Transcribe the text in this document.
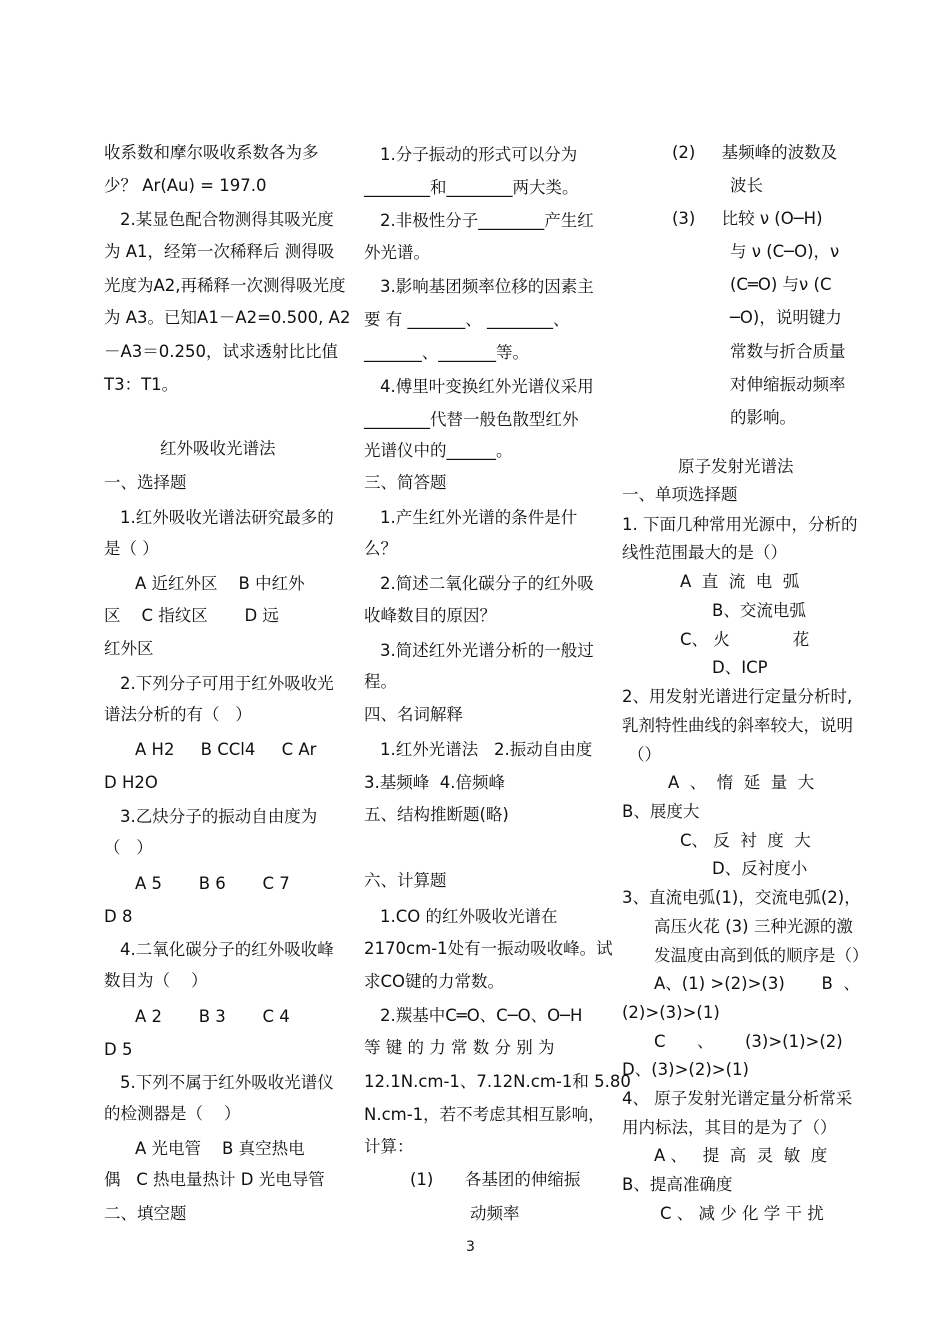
收系数和摩尔吸收系数各为多
少？ Ar(Au) = 197.0
2.某显色配合物测得其吸光度
为 A1，经第一次稀释后 测得吸
光度为A2,再稀释一次测得吸光度
为 A3。已知A1－A2=0.500, A2
－A3＝0.250，试求透射比比值
T3：T1。
红外吸收光谱法
一、选择题
1.红外吸收光谱法研究最多的
是（ ）
A 近红外区    B 中红外
区    C 指纹区       D 远
红外区
2.下列分子可用于红外吸收光
谱法分析的有（   ）
A H2     B CCl4     C Ar
D H2O
3.乙炔分子的振动自由度为
（   ）
A 5       B 6       C 7
D 8
4.二氧化碳分子的红外吸收峰
数目为（    ）
A 2       B 3       C 4
D 5
5.下列不属于红外吸收光谱仪
的检测器是（    ）
A 光电管    B 真空热电
偶   C 热电量热计 D 光电导管
二、填空题
1.分子振动的形式可以分为
________和________两大类。
2.非极性分子________产生红
外光谱。
3.影响基团频率位移的因素主
要 有 _______、 ________、
_______、_______等。
4.傅里叶变换红外光谱仪采用
________代替一般色散型红外
光谱仪中的______。
三、简答题
1.产生红外光谱的条件是什
么？
2.简述二氧化碳分子的红外吸
收峰数目的原因？
3.简述红外光谱分析的一般过
程。
四、名词解释
1.红外光谱法   2.振动自由度
3.基频峰  4.倍频峰
五、结构推断题(略)
六、计算题
1.CO 的红外吸收光谱在
2170cm-1处有一振动吸收峰。试
求CO键的力常数。
2.羰基中C═O、C─O、O─H
等 键 的 力 常 数 分 别 为
12.1N.cm-1、7.12N.cm-1和 5.80
N.cm-1，若不考虑其相互影响，
计算：
(1)      各基团的伸缩振
动频率
(2)     基频峰的波数及
波长
(3)     比较 ν (O─H)
与 ν (C─O)，ν
(C═O) 与ν (C
─O)，说明键力
常数与折合质量
对伸缩振动频率
的影响。
原子发射光谱法
一、单项选择题
1. 下面几种常用光源中，分析的
线性范围最大的是（）
A  直  流  电  弧
B、交流电弧
C、 火            花
D、ICP
2、用发射光谱进行定量分析时,
乳剂特性曲线的斜率较大，说明
（）
A  、  惰  延  量  大
B、展度大
C、 反  衬  度  大
D、反衬度小
3、直流电弧(1)，交流电弧(2)，
高压火花 (3) 三种光源的激
发温度由高到低的顺序是（）
A、(1) >(2)>(3)       B  、
(2)>(3)>(1)
C      、      (3)>(1)>(2)
D、(3)>(2)>(1)
4、 原子发射光谱定量分析常采
用内标法，其目的是为了（）
A 、   提  高  灵  敏  度
B、提高准确度
C 、 减 少 化 学 干 扰
3
